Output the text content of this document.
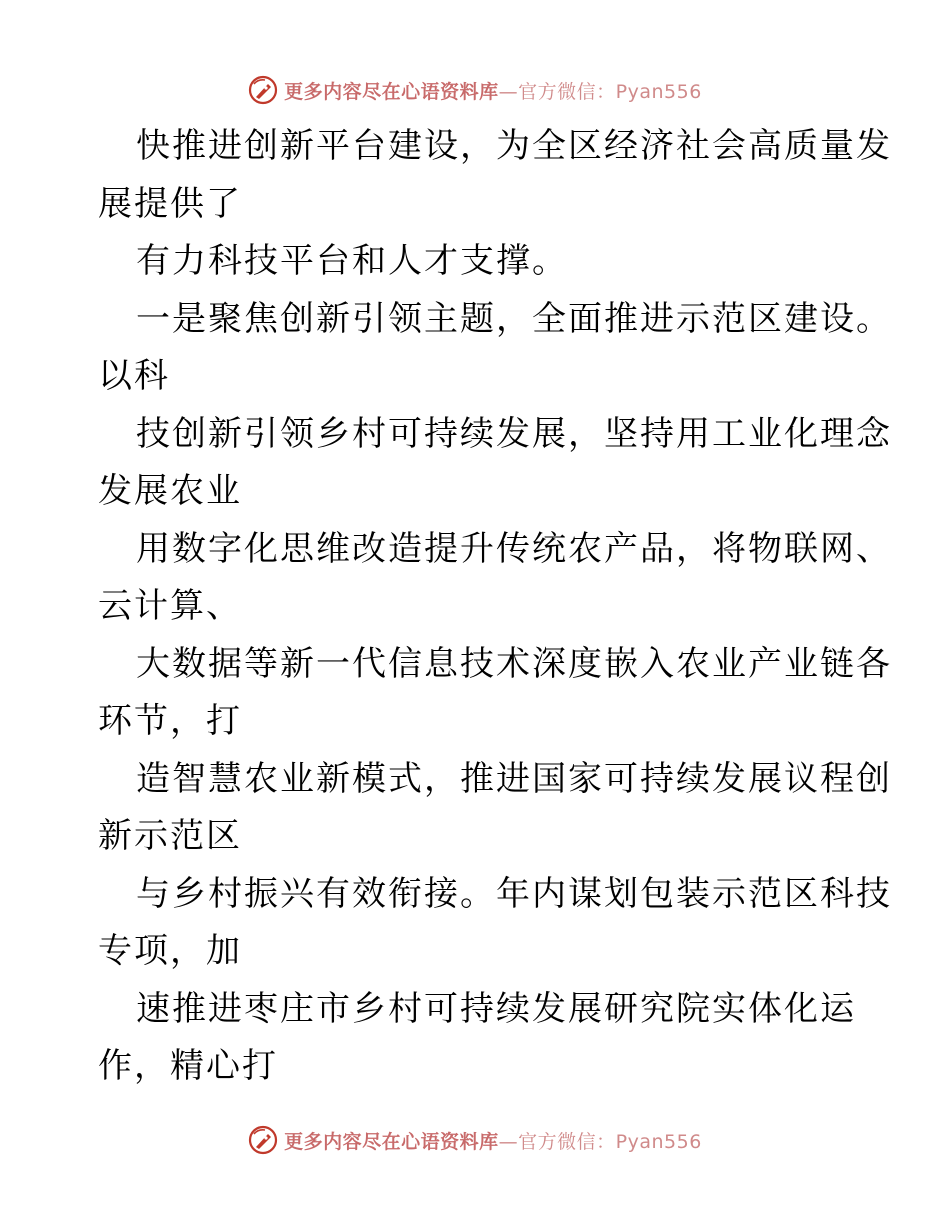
更多内容尽在心语资料库—官方微信：Pyan556
快推进创新平台建设，为全区经济社会高质量发
展提供了
有力科技平台和人才支撑。
一是聚焦创新引领主题，全面推进示范区建设。
以科
技创新引领乡村可持续发展，坚持用工业化理念
发展农业
用数字化思维改造提升传统农产品，将物联网、
云计算、
大数据等新一代信息技术深度嵌入农业产业链各
环节，打
造智慧农业新模式，推进国家可持续发展议程创
新示范区
与乡村振兴有效衔接。年内谋划包装示范区科技
专项，加
速推进枣庄市乡村可持续发展研究院实体化运
作，精心打
更多内容尽在心语资料库—官方微信：Pyan556
